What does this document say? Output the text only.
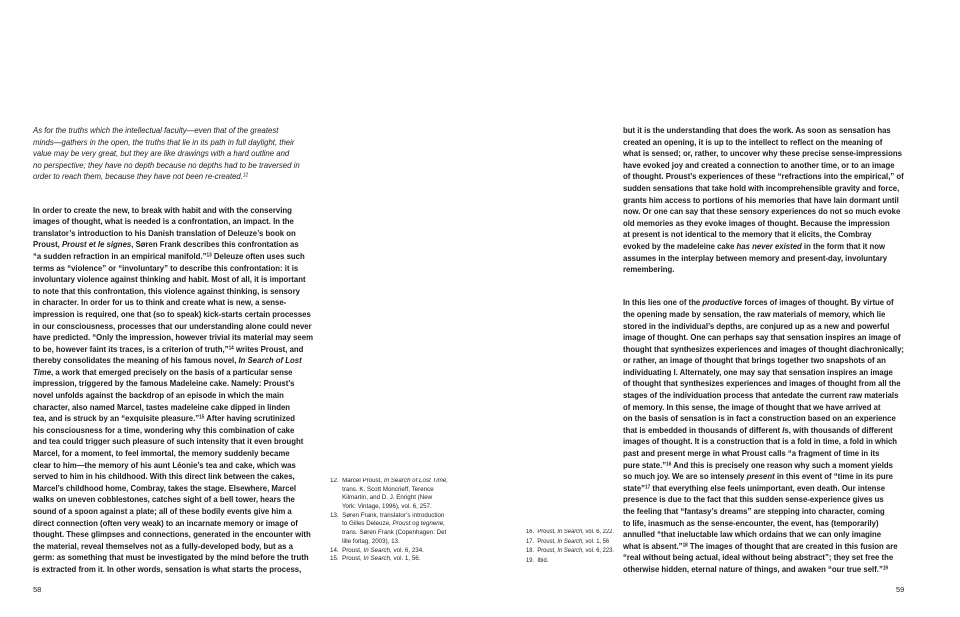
As for the truths which the intellectual faculty—even that of the greatest
minds—gathers in the open, the truths that lie in its path in full daylight, their
value may be very great, but they are like drawings with a hard outline and
no perspective; they have no depth because no depths had to be traversed in
order to reach them, because they have not been re-created.$^{12}$
In order to create the new, to break with habit and with the conserving
images of thought, what is needed is a confrontation, an impact. In the
translator’s introduction to his Danish translation of Deleuze’s book on
Proust, Proust et le signes, Søren Frank describes this confrontation as
“a sudden refraction in an empirical manifold.”$^{13}$ Deleuze often uses such
terms as “violence” or “involuntary” to describe this confrontation: it is
involuntary violence against thinking and habit. Most of all, it is important
to note that this confrontation, this violence against thinking, is sensory
in character. In order for us to think and create what is new, a sense-
impression is required, one that (so to speak) kick-starts certain processes
in our consciousness, processes that our understanding alone could never
have predicted. “Only the impression, however trivial its material may seem
to be, however faint its traces, is a criterion of truth,”$^{14}$ writes Proust, and
thereby consolidates the meaning of his famous novel, In Search of Lost
Time, a work that emerged precisely on the basis of a particular sense
impression, triggered by the famous Madeleine cake. Namely: Proust’s
novel unfolds against the backdrop of an episode in which the main
character, also named Marcel, tastes madeleine cake dipped in linden
tea, and is struck by an “exquisite pleasure.”$^{15}$ After having scrutinized
his consciousness for a time, wondering why this combination of cake
and tea could trigger such pleasure of such intensity that it even brought
Marcel, for a moment, to feel immortal, the memory suddenly became
clear to him—the memory of his aunt Léonie’s tea and cake, which was
served to him in his childhood. With this direct link between the cakes,
Marcel’s childhood home, Combray, takes the stage. Elsewhere, Marcel
walks on uneven cobblestones, catches sight of a bell tower, hears the
sound of a spoon against a plate; all of these bodily events give him a
direct connection (often very weak) to an incarnate memory or image of
thought. These glimpses and connections, generated in the encounter with
the material, reveal themselves not as a fully-developed body, but as a
germ: as something that must be investigated by the mind before the truth
is extracted from it. In other words, sensation is what starts the process,
12.  Marcel Proust, In Search of Lost Time,
trans. K. Scott Moncrieff, Terence
Kilmartin, and D. J. Enright (New
York: Vintage, 1996), vol. 6, 257.
13.  Søren Frank, translator’s introduction
to Gilles Deleuze, Proust og tegnene,
trans. Søren Frank (Copenhagen: Det
lille forlag, 2003), 13.
14.  Proust, In Search, vol. 6, 234.
15.  Proust, In Search, vol. 1, 56.
58
but it is the understanding that does the work. As soon as sensation has
created an opening, it is up to the intellect to reflect on the meaning of
what is sensed; or, rather, to uncover why these precise sense-impressions
have evoked joy and created a connection to another time, or to an image
of thought. Proust’s experiences of these “refractions into the empirical,” of
sudden sensations that take hold with incomprehensible gravity and force,
grants him access to portions of his memories that have lain dormant until
now. Or one can say that these sensory experiences do not so much evoke
old memories as they evoke images of thought. Because the impression
at present is not identical to the memory that it elicits, the Combray
evoked by the madeleine cake has never existed in the form that it now
assumes in the interplay between memory and present-day, involuntary
remembering.
In this lies one of the productive forces of images of thought. By virtue of
the opening made by sensation, the raw materials of memory, which lie
stored in the individual’s depths, are conjured up as a new and powerful
image of thought. One can perhaps say that sensation inspires an image of
thought that synthesizes experiences and images of thought diachronically;
or rather, an image of thought that brings together two snapshots of an
individuating I. Alternately, one may say that sensation inspires an image
of thought that synthesizes experiences and images of thought from all the
stages of the individuation process that antedate the current raw materials
of memory. In this sense, the image of thought that we have arrived at
on the basis of sensation is in fact a construction based on an experience
that is embedded in thousands of different Is, with thousands of different
images of thought. It is a construction that is a fold in time, a fold in which
past and present merge in what Proust calls “a fragment of time in its
pure state.”$^{16}$ And this is precisely one reason why such a moment yields
so much joy. We are so intensely present in this event of “time in its pure
state”$^{17}$ that everything else feels unimportant, even death. Our intense
presence is due to the fact that this sudden sense-experience gives us
the feeling that “fantasy’s dreams” are stepping into character, coming
to life, inasmuch as the sense-encounter, the event, has (temporarily)
annulled “that ineluctable law which ordains that we can only imagine
what is absent.”$^{18}$ The images of thought that are created in this fusion are
“real without being actual, ideal without being abstract”; they set free the
otherwise hidden, eternal nature of things, and awaken “our true self.”$^{19}$
16.  Proust, In Search, vol. 6, 222.
17.  Proust, In Search, vol. 1, 56
18.  Proust, In Search, vol. 6, 223.
19.  Ibid.
59
